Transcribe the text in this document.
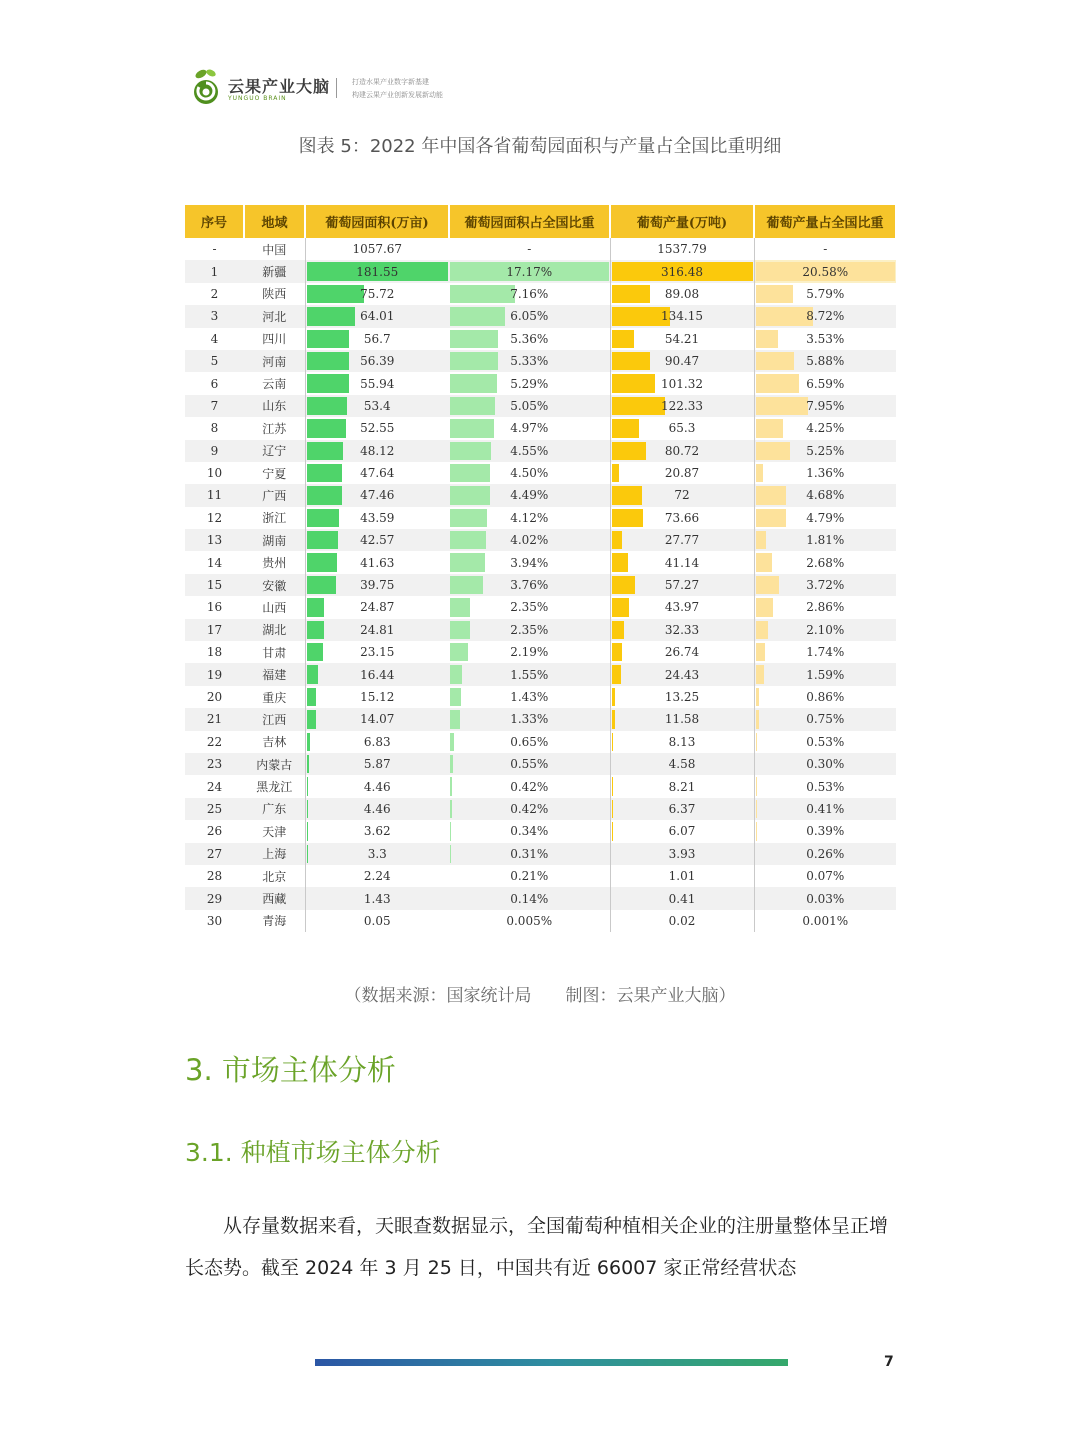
云果产业大脑
YUNGUO BRAIN
打造水果产业数字新基建
构建云果产业创新发展新动能
图表 5：2022 年中国各省葡萄园面积与产量占全国比重明细
序号	地域	葡萄园面积(万亩)	葡萄园面积占全国比重	葡萄产量(万吨)	葡萄产量占全国比重
-	中国	1057.67	-	1537.79	-
1	新疆	181.55	17.17%	316.48	20.58%
2	陕西	75.72	7.16%	89.08	5.79%
3	河北	64.01	6.05%	134.15	8.72%
4	四川	56.7	5.36%	54.21	3.53%
5	河南	56.39	5.33%	90.47	5.88%
6	云南	55.94	5.29%	101.32	6.59%
7	山东	53.4	5.05%	122.33	7.95%
8	江苏	52.55	4.97%	65.3	4.25%
9	辽宁	48.12	4.55%	80.72	5.25%
10	宁夏	47.64	4.50%	20.87	1.36%
11	广西	47.46	4.49%	72	4.68%
12	浙江	43.59	4.12%	73.66	4.79%
13	湖南	42.57	4.02%	27.77	1.81%
14	贵州	41.63	3.94%	41.14	2.68%
15	安徽	39.75	3.76%	57.27	3.72%
16	山西	24.87	2.35%	43.97	2.86%
17	湖北	24.81	2.35%	32.33	2.10%
18	甘肃	23.15	2.19%	26.74	1.74%
19	福建	16.44	1.55%	24.43	1.59%
20	重庆	15.12	1.43%	13.25	0.86%
21	江西	14.07	1.33%	11.58	0.75%
22	吉林	6.83	0.65%	8.13	0.53%
23	内蒙古	5.87	0.55%	4.58	0.30%
24	黑龙江	4.46	0.42%	8.21	0.53%
25	广东	4.46	0.42%	6.37	0.41%
26	天津	3.62	0.34%	6.07	0.39%
27	上海	3.3	0.31%	3.93	0.26%
28	北京	2.24	0.21%	1.01	0.07%
29	西藏	1.43	0.14%	0.41	0.03%
30	青海	0.05	0.005%	0.02	0.001%
（数据来源：国家统计局　　制图：云果产业大脑）
3. 市场主体分析
3.1. 种植市场主体分析
从存量数据来看，天眼查数据显示，全国葡萄种植相关企业的注册量整体呈正增长态势。截至 2024 年 3 月 25 日，中国共有近 66007 家正常经营状态
7
